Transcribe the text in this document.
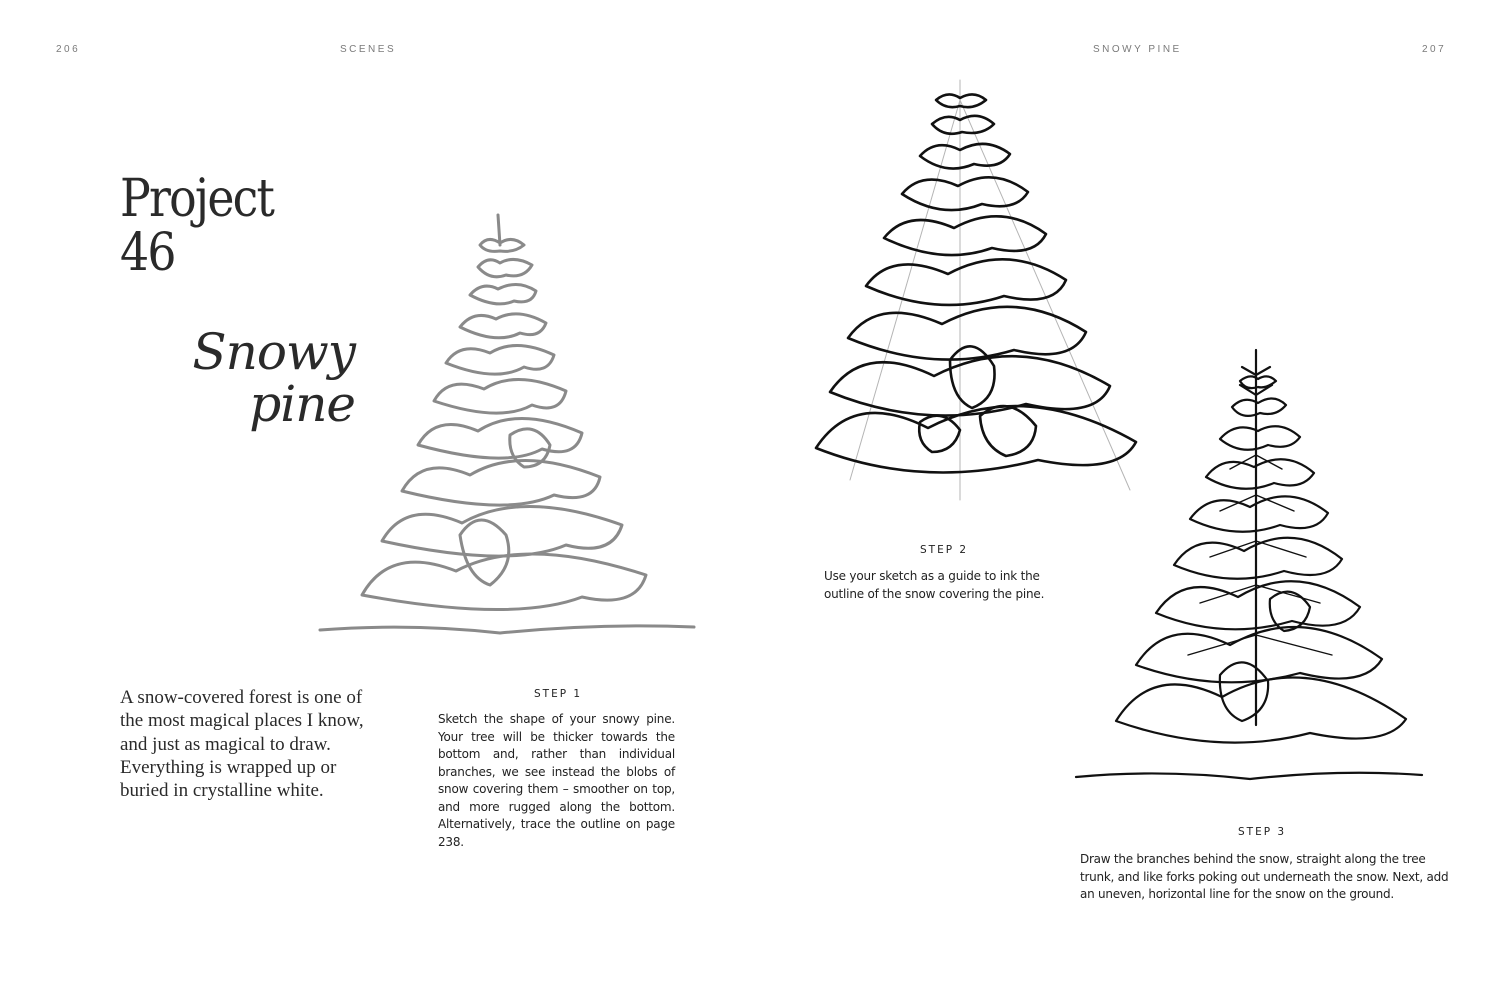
206	SCENES	SNOWY PINE	207
Project
46
Snowy
pine

A snow-covered forest is one of the most magical places I know, and just as magical to draw. Everything is wrapped up or buried in crystalline white.

STEP 1

Sketch the shape of your snowy pine. Your tree will be thicker towards the bottom and, rather than individual branches, we see instead the blobs of snow covering them – smoother on top, and more rugged along the bottom. Alternatively, trace the outline on page 238.

STEP 2

Use your sketch as a guide to ink the outline of the snow covering the pine.

STEP 3

Draw the branches behind the snow, straight along the tree trunk, and like forks poking out underneath the snow. Next, add an uneven, horizontal line for the snow on the ground.
